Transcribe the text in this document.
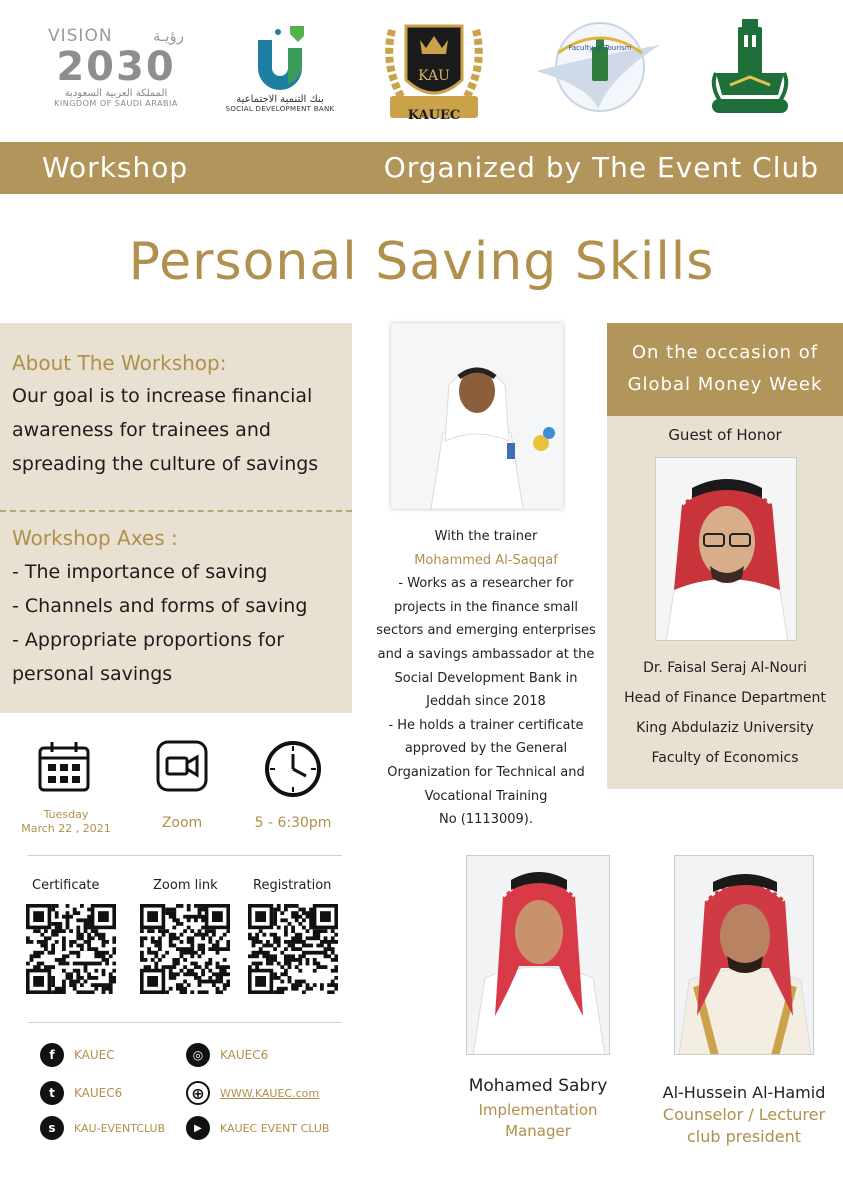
VISION	رؤيـة
2030
المملكة العربية السعودية
KINGDOM OF SAUDI ARABIA	بنك التنمية الاجتماعية
SOCIAL DEVELOPMENT BANK
KAU
KAUEC
Faculty of Tourism
Workshop	Organized by The Event Club
Personal Saving Skills
About The Workshop:
Our goal is to increase financial
awareness for trainees and
spreading the culture of savings
Workshop Axes :
- The importance of saving
- Channels and forms of saving
- Appropriate proportions for
personal savings
With the trainer
Mohammed Al-Saqqaf
- Works as a researcher for
projects in the finance small
sectors and emerging enterprises
and a savings ambassador at the
Social Development Bank in
Jeddah since 2018
- He holds a trainer certificate
approved by the General
Organization for Technical and
Vocational Training
No (1113009).
On the occasion of
Global Money Week
Guest of Honor
Dr. Faisal Seraj Al-Nouri
Head of Finance Department
King Abdulaziz University
Faculty of Economics
Tuesday
March 22 , 2021	Zoom	5 - 6:30pm
Certificate	Zoom link	Registration
f	KAUEC	◎	KAUEC6
t	KAUEC6	⊕	WWW.KAUEC.com
s	KAU-EVENTCLUB	▶	KAUEC EVENT CLUB
Mohamed Sabry
Implementation
Manager
Al-Hussein Al-Hamid
Counselor / Lecturer
club president
